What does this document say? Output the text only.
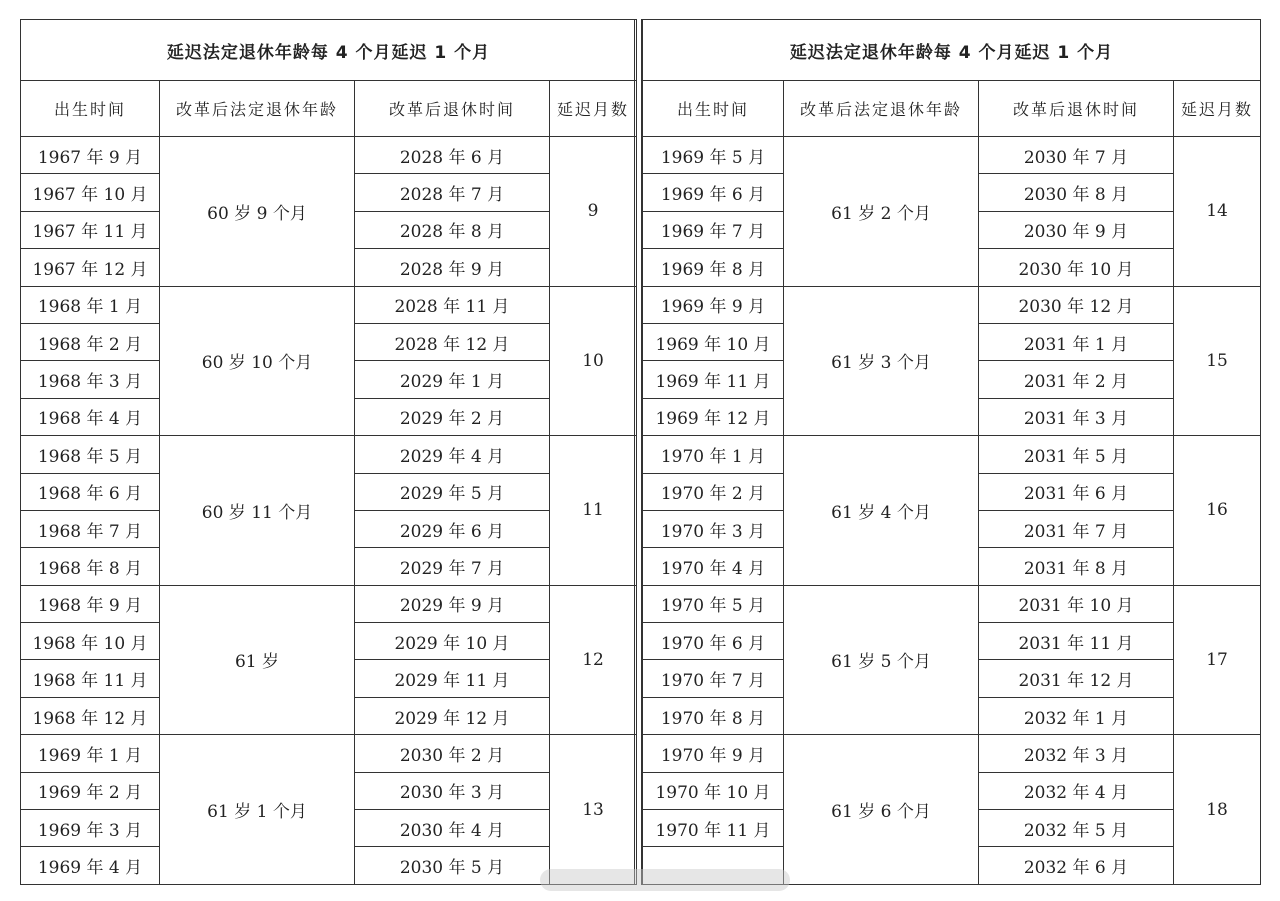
延迟法定退休年龄每 4 个月延迟 1 个月			
出生时间	改革后法定退休年龄	改革后退休时间	延迟月数
1967 年 9 月	60 岁 9 个月	2028 年 6 月	9
1967 年 10 月		2028 年 7 月	
1967 年 11 月		2028 年 8 月	
1967 年 12 月		2028 年 9 月	
1968 年 1 月	60 岁 10 个月	2028 年 11 月	10
1968 年 2 月		2028 年 12 月	
1968 年 3 月		2029 年 1 月	
1968 年 4 月		2029 年 2 月	
1968 年 5 月	60 岁 11 个月	2029 年 4 月	11
1968 年 6 月		2029 年 5 月	
1968 年 7 月		2029 年 6 月	
1968 年 8 月		2029 年 7 月	
1968 年 9 月	61 岁	2029 年 9 月	12
1968 年 10 月		2029 年 10 月	
1968 年 11 月		2029 年 11 月	
1968 年 12 月		2029 年 12 月	
1969 年 1 月	61 岁 1 个月	2030 年 2 月	13
1969 年 2 月		2030 年 3 月	
1969 年 3 月		2030 年 4 月	
1969 年 4 月		2030 年 5 月	
延迟法定退休年龄每 4 个月延迟 1 个月			
出生时间	改革后法定退休年龄	改革后退休时间	延迟月数
1969 年 5 月	61 岁 2 个月	2030 年 7 月	14
1969 年 6 月		2030 年 8 月	
1969 年 7 月		2030 年 9 月	
1969 年 8 月		2030 年 10 月	
1969 年 9 月	61 岁 3 个月	2030 年 12 月	15
1969 年 10 月		2031 年 1 月	
1969 年 11 月		2031 年 2 月	
1969 年 12 月		2031 年 3 月	
1970 年 1 月	61 岁 4 个月	2031 年 5 月	16
1970 年 2 月		2031 年 6 月	
1970 年 3 月		2031 年 7 月	
1970 年 4 月		2031 年 8 月	
1970 年 5 月	61 岁 5 个月	2031 年 10 月	17
1970 年 6 月		2031 年 11 月	
1970 年 7 月		2031 年 12 月	
1970 年 8 月		2032 年 1 月	
1970 年 9 月	61 岁 6 个月	2032 年 3 月	18
1970 年 10 月		2032 年 4 月	
1970 年 11 月		2032 年 5 月	
		2032 年 6 月	
